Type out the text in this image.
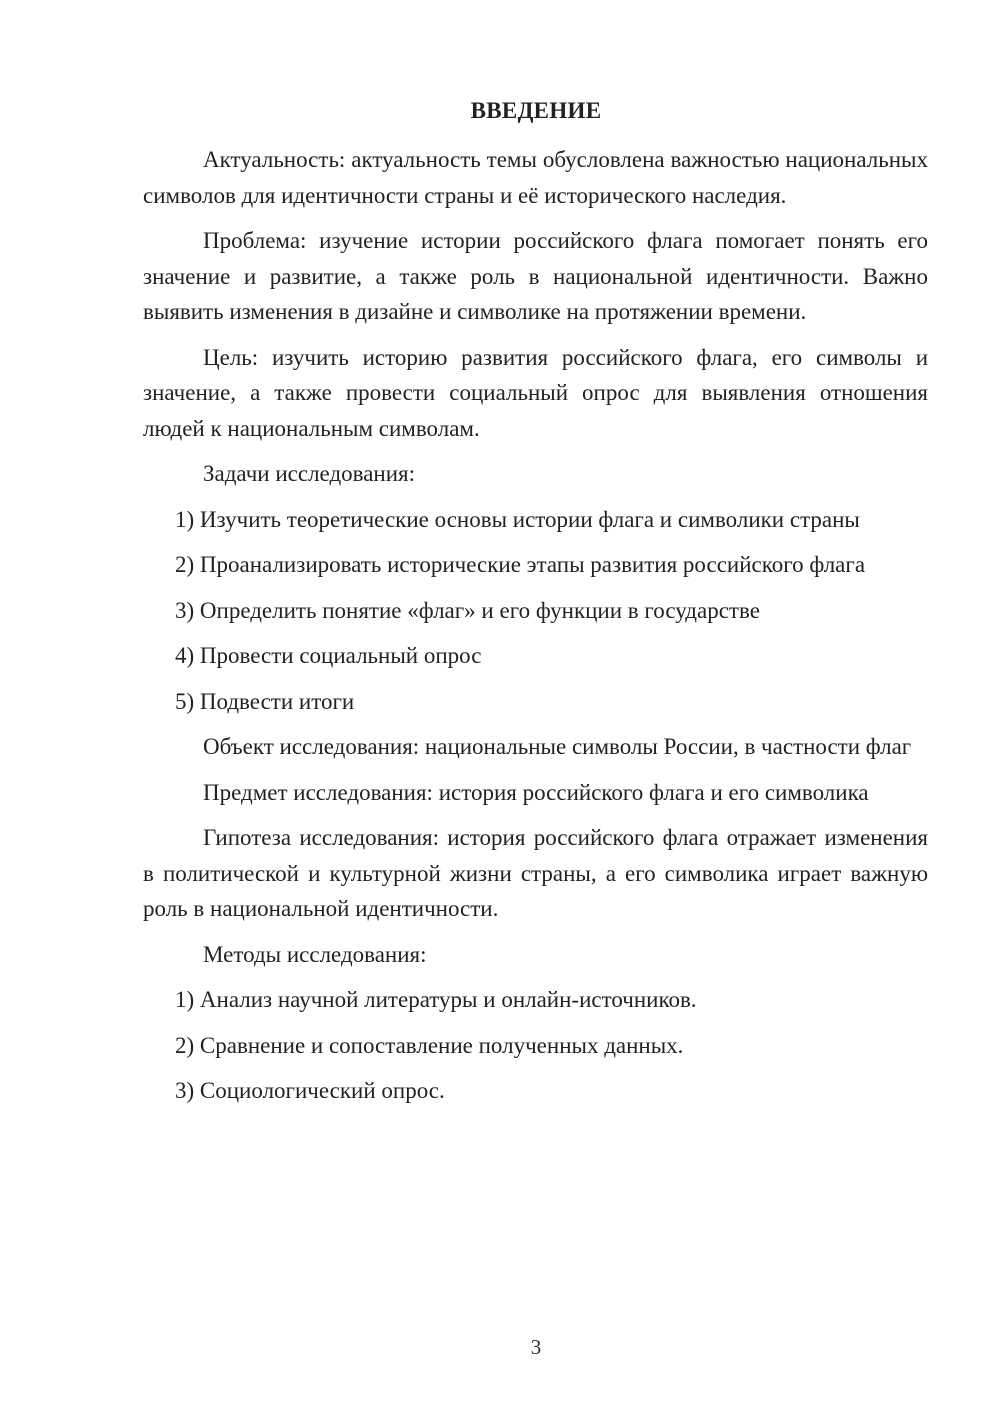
ВВЕДЕНИЕ

Актуальность: актуальность темы обусловлена важностью национальных символов для идентичности страны и её исторического наследия.

Проблема: изучение истории российского флага помогает понять его значение и развитие, а также роль в национальной идентичности. Важно выявить изменения в дизайне и символике на протяжении времени.

Цель: изучить историю развития российского флага, его символы и значение, а также провести социальный опрос для выявления отношения людей к национальным символам.

Задачи исследования:

1) Изучить теоретические основы истории флага и символики страны

2) Проанализировать исторические этапы развития российского флага

3) Определить понятие «флаг» и его функции в государстве

4) Провести социальный опрос

5) Подвести итоги

Объект исследования: национальные символы России, в частности флаг

Предмет исследования: история российского флага и его символика

Гипотеза исследования: история российского флага отражает изменения в политической и культурной жизни страны, а его символика играет важную роль в национальной идентичности.

Методы исследования:

1) Анализ научной литературы и онлайн-источников.

2) Сравнение и сопоставление полученных данных.

3) Социологический опрос.

3
